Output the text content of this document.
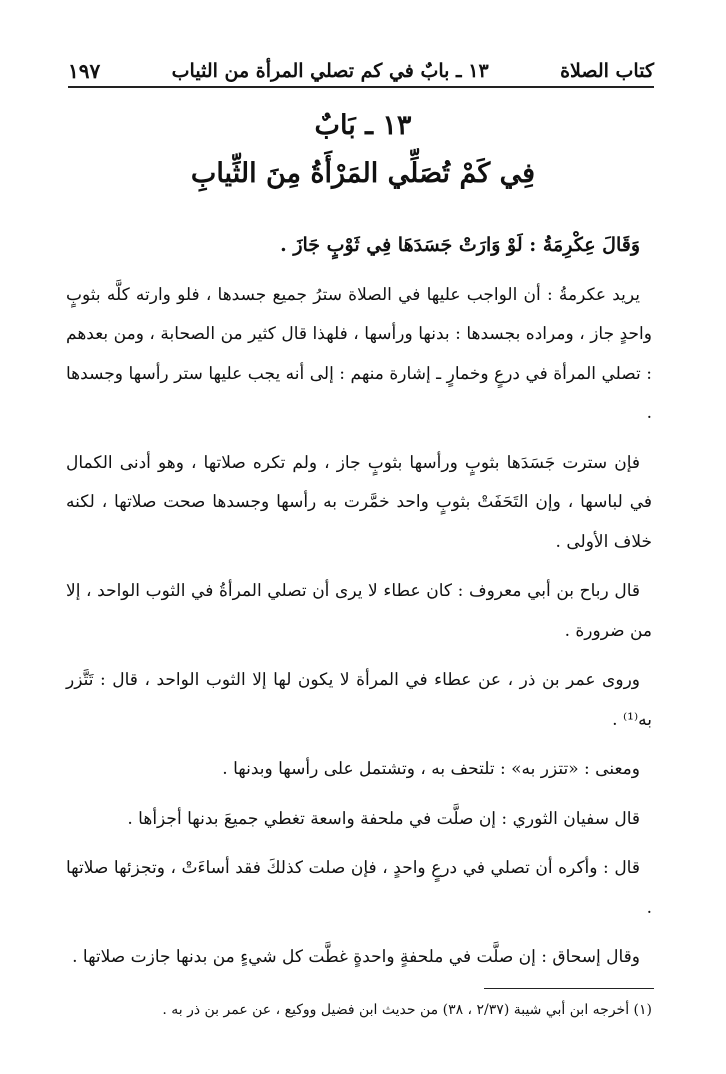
كتاب الصلاة
١٣ ـ بابٌ في كم تصلي المرأة من الثياب
١٩٧
١٣ ـ بَابٌ
فِي كَمْ تُصَلِّي المَرْأَةُ مِنَ الثِّيابِ

وَقَالَ عِكْرِمَةُ : لَوْ وَارَتْ جَسَدَهَا فِي ثَوْبٍ جَازَ .

يريد عكرمةُ : أن الواجب عليها في الصلاة سترُ جميع جسدها ، فلو وارته كلَّه بثوبٍ واحدٍ جاز ، ومراده بجسدها : بدنها ورأسها ، فلهذا قال كثير من الصحابة ، ومن بعدهم : تصلي المرأة في درعٍ وخمارٍ ـ إشارة منهم : إلى أنه يجب عليها ستر رأسها وجسدها .

فإن سترت جَسَدَها بثوبٍ ورأسها بثوبٍ جاز ، ولم تكره صلاتها ، وهو أدنى الكمال في لباسها ، وإن التَحَفَتْ بثوبٍ واحد خمَّرت به رأسها وجسدها صحت صلاتها ، لكنه خلاف الأولى .

قال رباح بن أبي معروف : كان عطاء لا يرى أن تصلي المرأةُ في الثوب الواحد ، إلا من ضرورة .

وروى عمر بن ذر ، عن عطاء في المرأة لا يكون لها إلا الثوب الواحد ، قال : تَتَّزر به⁽¹⁾ .

ومعنى : «تتزر به» : تلتحف به ، وتشتمل على رأسها وبدنها .

قال سفيان الثوري : إن صلَّت في ملحفة واسعة تغطي جميعَ بدنها أجزأها .

قال : وأكره أن تصلي في درعٍ واحدٍ ، فإن صلت كذلكَ فقد أساءَتْ ، وتجزئها صلاتها .

وقال إسحاق : إن صلَّت في ملحفةٍ واحدةٍ غطَّت كل شيءٍ من بدنها جازت صلاتها .

(١) أخرجه ابن أبي شيبة (٢/٣٧ ، ٣٨) من حديث ابن فضيل ووكيع ، عن عمر بن ذر به .
